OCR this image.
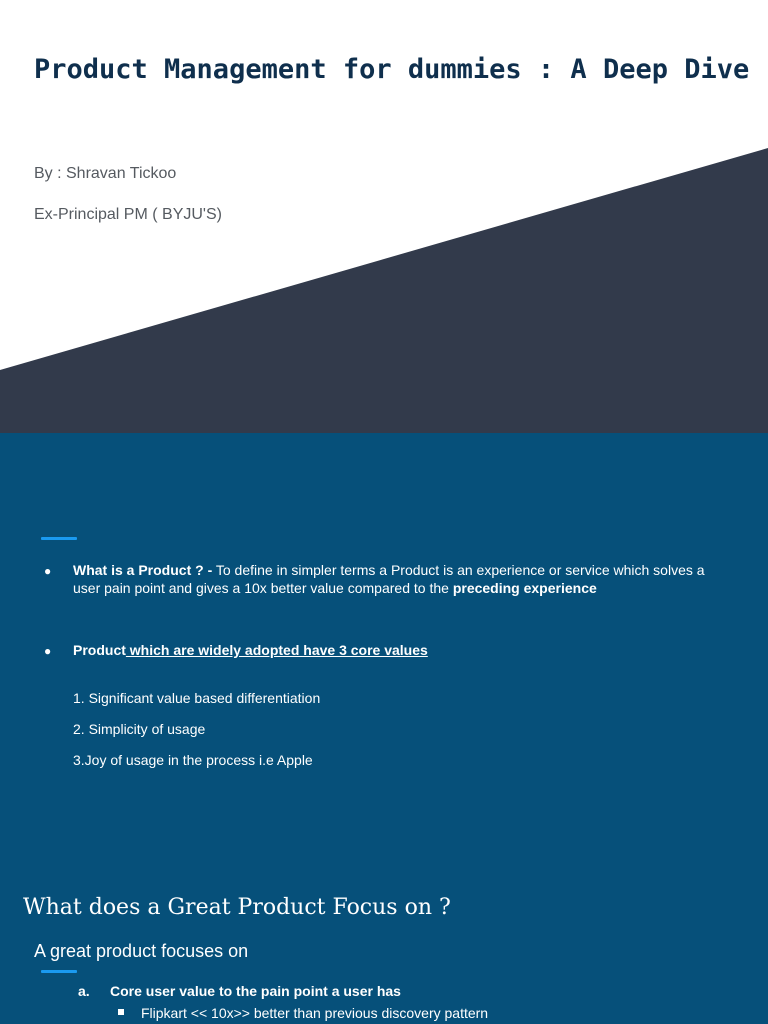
Product Management for dummies : A Deep Dive

By : Shravan Tickoo

Ex-Principal PM ( BYJU'S)

● What is a Product ? - To define in simpler terms a Product is an experience or service which solves a user pain point and gives a 10x better value compared to the preceding experience
● Product which are widely adopted have 3 core values
1. Significant value based differentiation
2. Simplicity of usage
3.Joy of usage in the process i.e Apple
What does a Great Product Focus on ?

A great product focuses on

a. Core user value to the pain point a user has
Flipkart << 10x>> better than previous discovery pattern
